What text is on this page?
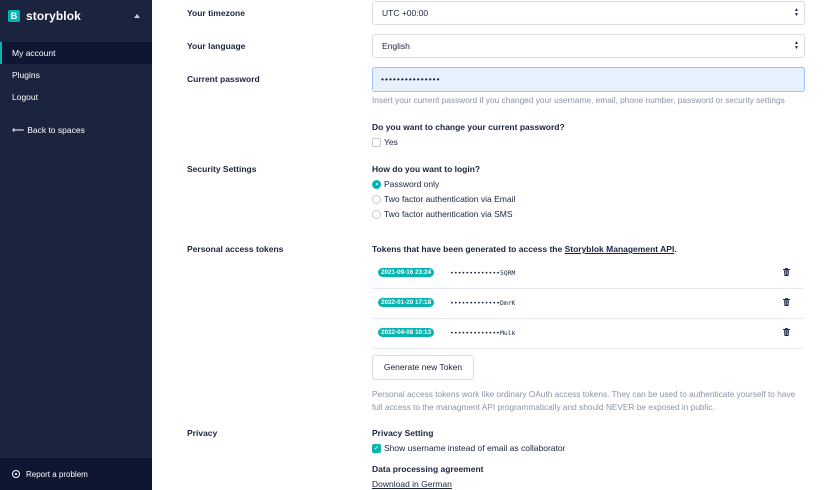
B storyblok
My account
Plugins
Logout
⟵ Back to spaces
Report a problem
Your timezone	UTC +00:00	▲
▼
Your language	English	▲
▼
Current password	•••••••••••••••
Insert your current password if you changed your username, email, phone number, password or security settings
Do you want to change your current password?
Yes
Security Settings	How do you want to login?
Password only
Two factor authentication via Email
Two factor authentication via SMS
Personal access tokens	Tokens that have been generated to access the Storyblok Management API.
2021-09-16 23:24	•••••••••••••5QRM
2022-01-20 17:18	•••••••••••••DmrK
2022-04-08 10:13	•••••••••••••Mulk
Generate new Token
Personal access tokens work like ordinary OAuth access tokens. They can be used to authenticate yourself to have
full access to the managment API programmatically and should NEVER be exposed in public.
Privacy	Privacy Setting
✓ Show username instead of email as collaborator
Data processing agreement
Download in German
